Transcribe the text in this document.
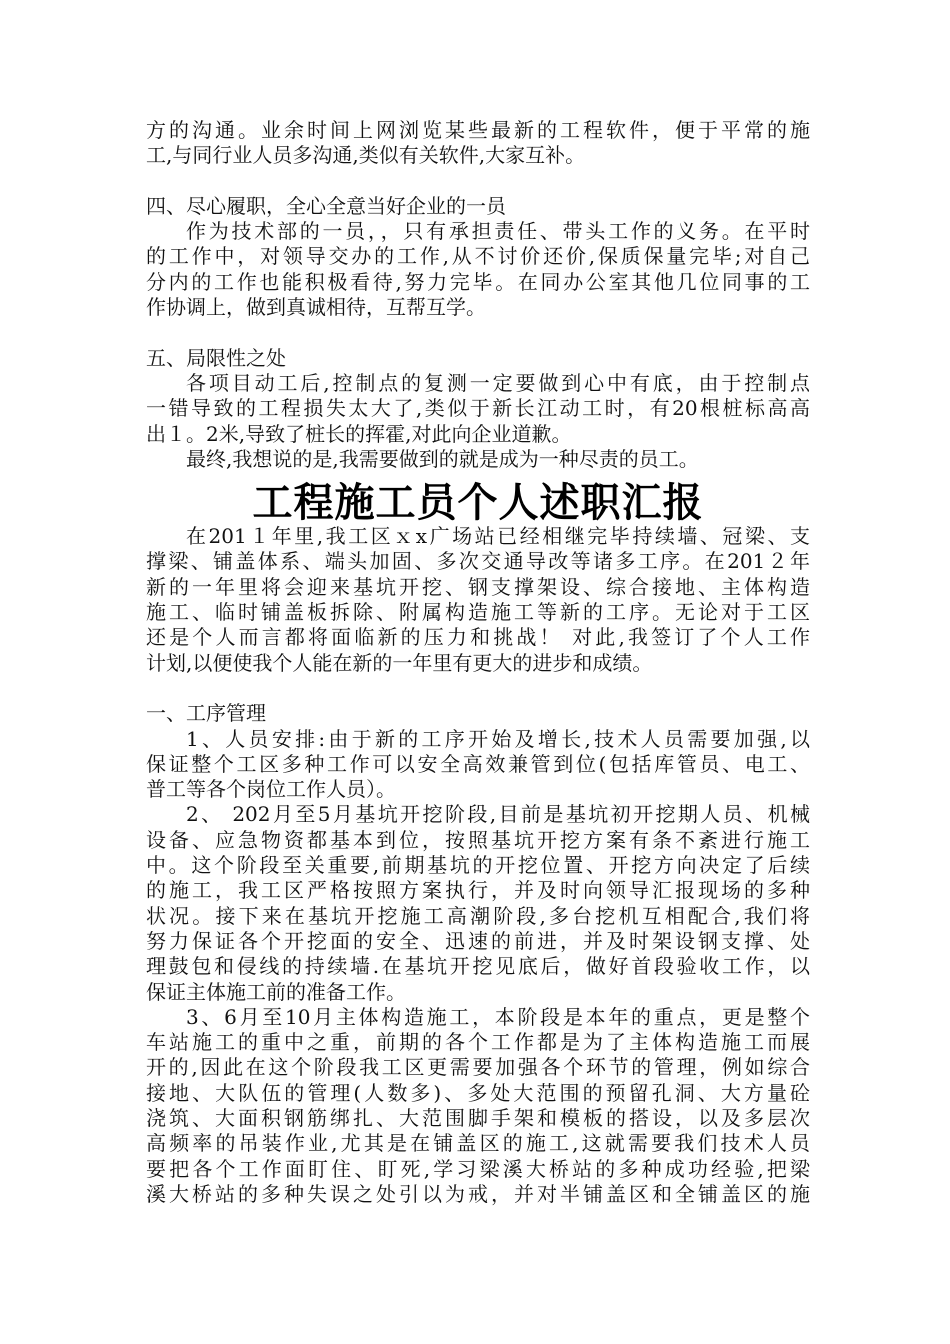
方的沟通。业余时间上网浏览某些最新的工程软件，便于平常的施
工,与同行业人员多沟通,类似有关软件,大家互补。
四、尽心履职，全心全意当好企业的一员
作为技术部的一员，，只有承担责任、带头工作的义务。在平时
的工作中，对领导交办的工作,从不讨价还价,保质保量完毕;对自己
分内的工作也能积极看待,努力完毕。在同办公室其他几位同事的工
作协调上，做到真诚相待，互帮互学。
五、局限性之处
各项目动工后,控制点的复测一定要做到心中有底，由于控制点
一错导致的工程损失太大了,类似于新长江动工时，有20根桩标高高
出１。2米,导致了桩长的挥霍,对此向企业道歉。
最终,我想说的是,我需要做到的就是成为一种尽责的员工。
工程施工员个人述职汇报
在201１年里,我工区ｘx广场站已经相继完毕持续墙、冠梁、支
撑梁、铺盖体系、端头加固、多次交通导改等诸多工序。在201２年
新的一年里将会迎来基坑开挖、钢支撑架设、综合接地、主体构造
施工、临时铺盖板拆除、附属构造施工等新的工序。无论对于工区
还是个人而言都将面临新的压力和挑战！ 对此,我签订了个人工作
计划,以便使我个人能在新的一年里有更大的进步和成绩。
一、工序管理
1、人员安排:由于新的工序开始及增长,技术人员需要加强,以
保证整个工区多种工作可以安全高效兼管到位(包括库管员、电工、
普工等各个岗位工作人员）。
2、 202月至5月基坑开挖阶段,目前是基坑初开挖期人员、机械
设备、应急物资都基本到位，按照基坑开挖方案有条不紊进行施工
中。这个阶段至关重要,前期基坑的开挖位置、开挖方向决定了后续
的施工，我工区严格按照方案执行，并及时向领导汇报现场的多种
状况。接下来在基坑开挖施工高潮阶段,多台挖机互相配合,我们将
努力保证各个开挖面的安全、迅速的前进，并及时架设钢支撑、处
理鼓包和侵线的持续墙.在基坑开挖见底后，做好首段验收工作，以
保证主体施工前的准备工作。
3、6月至10月主体构造施工，本阶段是本年的重点，更是整个
车站施工的重中之重，前期的各个工作都是为了主体构造施工而展
开的,因此在这个阶段我工区更需要加强各个环节的管理，例如综合
接地、大队伍的管理(人数多)、多处大范围的预留孔洞、大方量砼
浇筑、大面积钢筋绑扎、大范围脚手架和模板的搭设，以及多层次
高频率的吊装作业,尤其是在铺盖区的施工,这就需要我们技术人员
要把各个工作面盯住、盯死,学习梁溪大桥站的多种成功经验,把梁
溪大桥站的多种失误之处引以为戒，并对半铺盖区和全铺盖区的施
